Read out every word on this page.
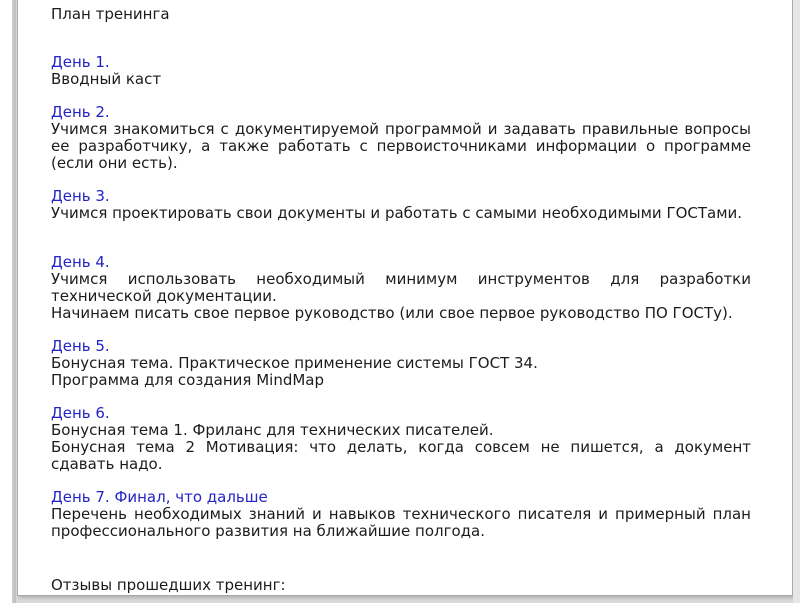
План тренинга
День 1.
Вводный каст
День 2.
Учимся знакомиться с документируемой программой и задавать правильные вопросы ее разработчику, а также работать с первоисточниками информации о программе (если они есть).
День 3.
Учимся проектировать свои документы и работать с самыми необходимыми ГОСТами.
День 4.
Учимся использовать необходимый минимум инструментов для разработки технической документации.
Начинаем писать свое первое руководство (или свое первое руководство ПО ГОСТу).
День 5.
Бонусная тема. Практическое применение системы ГОСТ 34.
Программа для создания MindMap
День 6.
Бонусная тема 1. Фриланс для технических писателей.
Бонусная тема 2 Мотивация: что делать, когда совсем не пишется, а документ сдавать надо.
День 7. Финал, что дальше
Перечень необходимых знаний и навыков технического писателя и примерный план профессионального развития на ближайшие полгода.
Отзывы прошедших тренинг:
